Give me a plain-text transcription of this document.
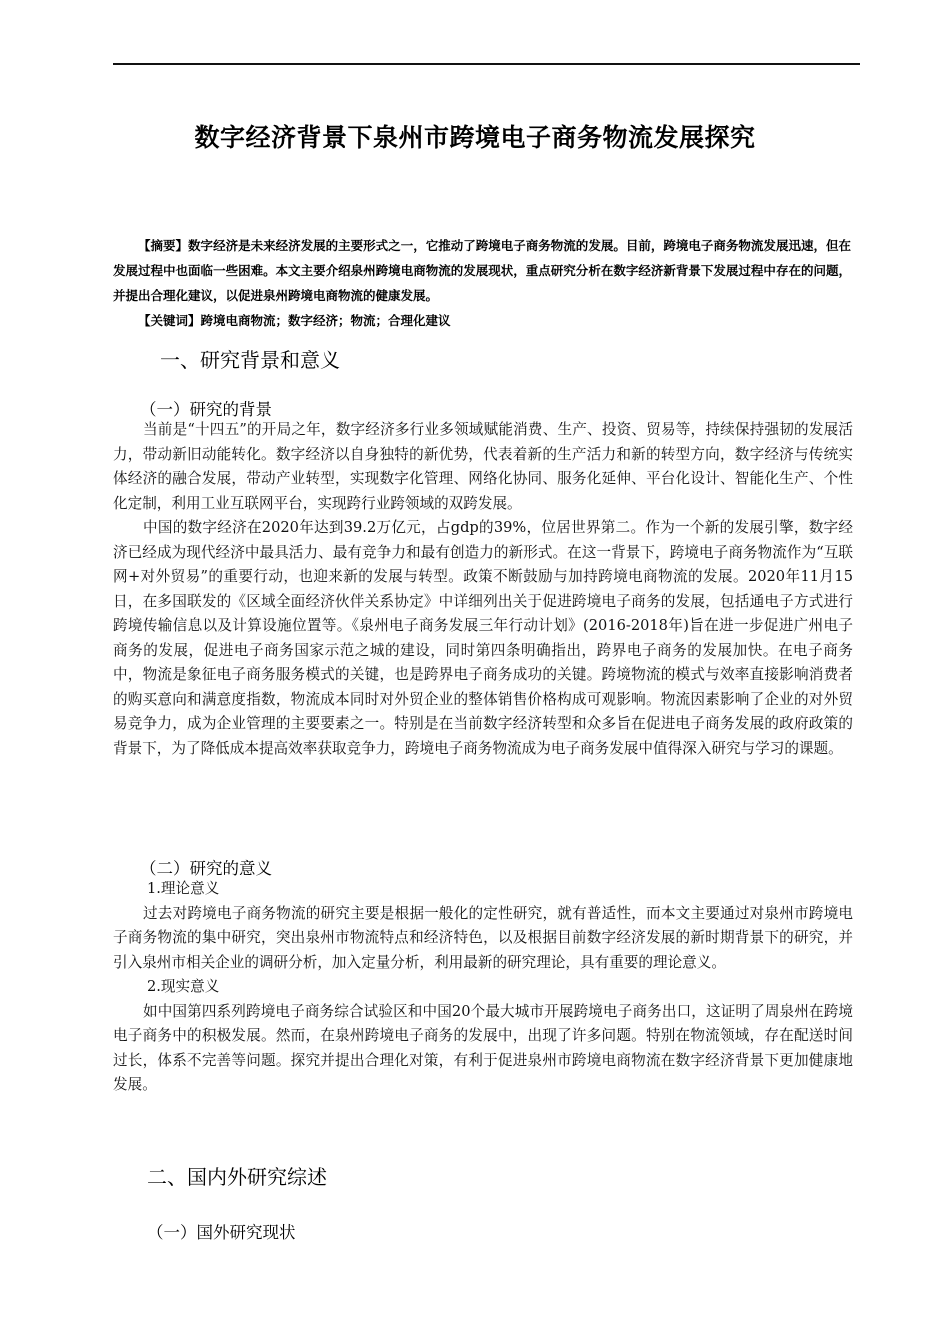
数字经济背景下泉州市跨境电子商务物流发展探究

【摘要】数字经济是未来经济发展的主要形式之一，它推动了跨境电子商务物流的发展。目前，跨境电子商务物流发展迅速，但在发展过程中也面临一些困难。本文主要介绍泉州跨境电商物流的发展现状，重点研究分析在数字经济新背景下发展过程中存在的问题，并提出合理化建议，以促进泉州跨境电商物流的健康发展。

【关键词】跨境电商物流；数字经济；物流；合理化建议

一、研究背景和意义
（一）研究的背景

当前是“十四五”的开局之年，数字经济多行业多领域赋能消费、生产、投资、贸易等，持续保持强韧的发展活力，带动新旧动能转化。数字经济以自身独特的新优势，代表着新的生产活力和新的转型方向，数字经济与传统实体经济的融合发展，带动产业转型，实现数字化管理、网络化协同、服务化延伸、平台化设计、智能化生产、个性化定制，利用工业互联网平台，实现跨行业跨领域的双跨发展。

中国的数字经济在2020年达到39.2万亿元，占gdp的39%，位居世界第二。作为一个新的发展引擎，数字经济已经成为现代经济中最具活力、最有竞争力和最有创造力的新形式。在这一背景下，跨境电子商务物流作为“互联网+对外贸易”的重要行动，也迎来新的发展与转型。政策不断鼓励与加持跨境电商物流的发展。2020年11月15日，在多国联发的《区域全面经济伙伴关系协定》中详细列出关于促进跨境电子商务的发展，包括通电子方式进行跨境传输信息以及计算设施位置等。《泉州电子商务发展三年行动计划》(2016-2018年)旨在进一步促进广州电子商务的发展，促进电子商务国家示范之城的建设，同时第四条明确指出，跨界电子商务的发展加快。在电子商务中，物流是象征电子商务服务模式的关键，也是跨界电子商务成功的关键。跨境物流的模式与效率直接影响消费者的购买意向和满意度指数，物流成本同时对外贸企业的整体销售价格构成可观影响。物流因素影响了企业的对外贸易竞争力，成为企业管理的主要要素之一。特别是在当前数字经济转型和众多旨在促进电子商务发展的政府政策的背景下，为了降低成本提高效率获取竞争力，跨境电子商务物流成为电子商务发展中值得深入研究与学习的课题。

（二）研究的意义

1.理论意义

过去对跨境电子商务物流的研究主要是根据一般化的定性研究，就有普适性，而本文主要通过对泉州市跨境电子商务物流的集中研究，突出泉州市物流特点和经济特色，以及根据目前数字经济发展的新时期背景下的研究，并引入泉州市相关企业的调研分析，加入定量分析，利用最新的研究理论，具有重要的理论意义。

2.现实意义

如中国第四系列跨境电子商务综合试验区和中国20个最大城市开展跨境电子商务出口，这证明了周泉州在跨境电子商务中的积极发展。然而，在泉州跨境电子商务的发展中，出现了许多问题。特别在物流领域，存在配送时间过长，体系不完善等问题。探究并提出合理化对策，有利于促进泉州市跨境电商物流在数字经济背景下更加健康地发展。

二、国内外研究综述
（一）国外研究现状
